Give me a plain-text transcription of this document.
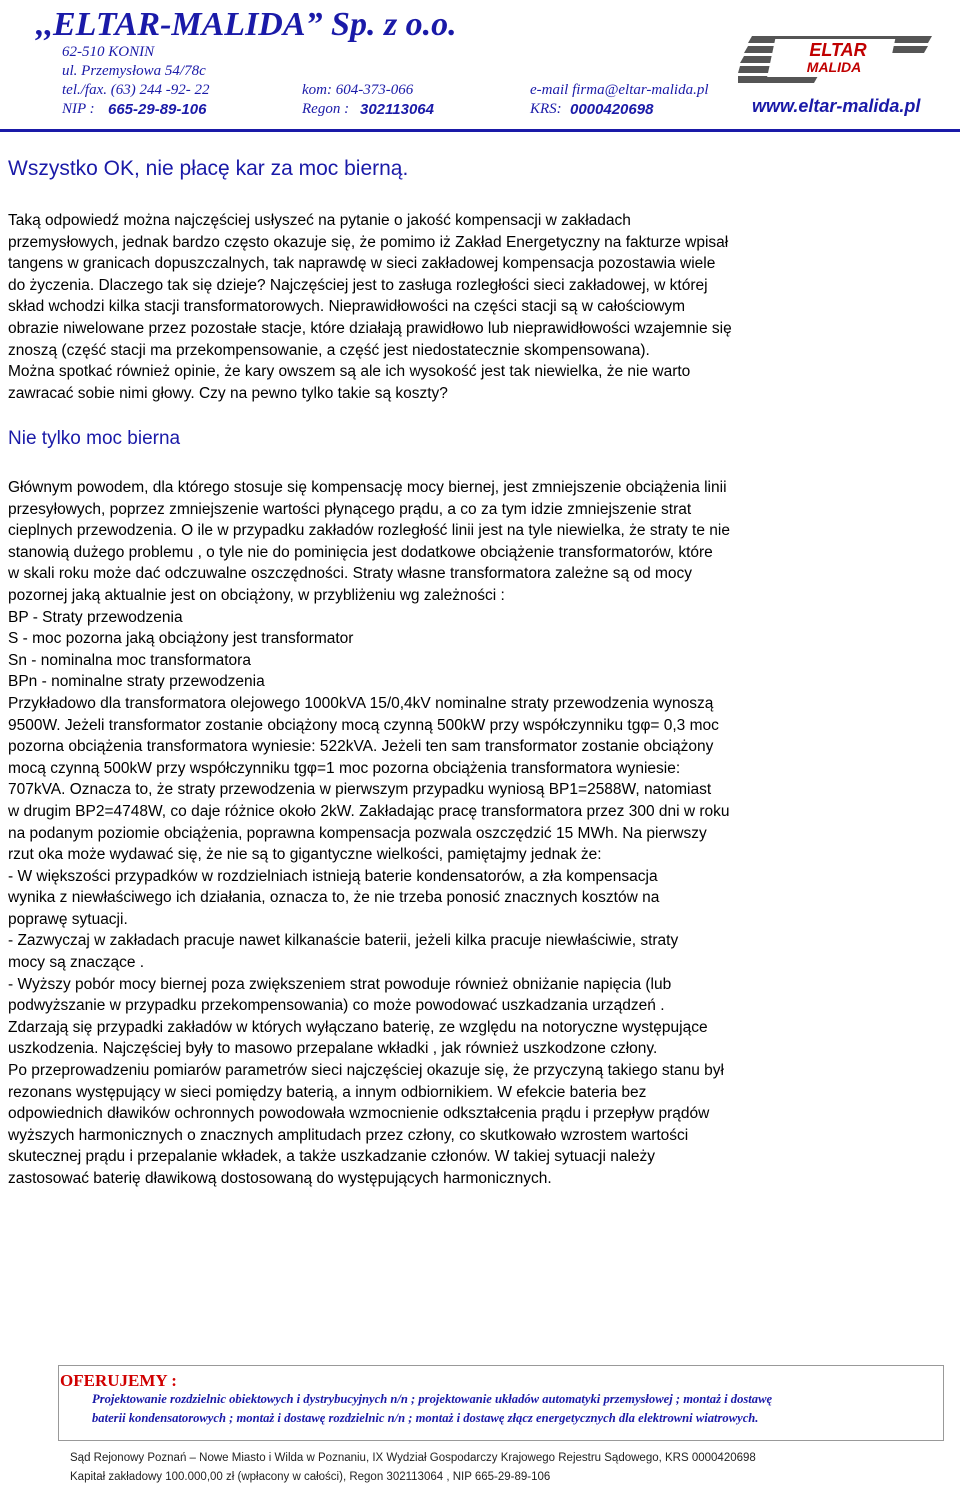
,,ELTAR-MALIDA” Sp. z o.o.
62-510 KONIN
ul. Przemysłowa 54/78c
tel./fax. (63) 244 -92- 22	kom: 604-373-066	e-mail firma@eltar-malida.pl
NIP : 665-29-89-106	Regon : 302113064	KRS: 0000420698
ELTAR
MALIDA
www.eltar-malida.pl
Wszystko OK, nie płacę kar za moc bierną.
Taką odpowiedź można najczęściej usłyszeć na pytanie o jakość kompensacji w zakładach
przemysłowych, jednak bardzo często okazuje się, że pomimo iż Zakład Energetyczny na fakturze wpisał
tangens w granicach dopuszczalnych, tak naprawdę w sieci zakładowej kompensacja pozostawia wiele
do życzenia. Dlaczego tak się dzieje? Najczęściej jest to zasługa rozległości sieci zakładowej, w której
skład wchodzi kilka stacji transformatorowych. Nieprawidłowości na części stacji są w całościowym
obrazie niwelowane przez pozostałe stacje, które działają prawidłowo lub nieprawidłowości wzajemnie się
znoszą (część stacji ma przekompensowanie, a część jest niedostatecznie skompensowana).
Można spotkać również opinie, że kary owszem są ale ich wysokość jest tak niewielka, że nie warto
zawracać sobie nimi głowy. Czy na pewno tylko takie są koszty?
Nie tylko moc bierna
Głównym powodem, dla którego stosuje się kompensację mocy biernej, jest zmniejszenie obciążenia linii
przesyłowych, poprzez zmniejszenie wartości płynącego prądu, a co za tym idzie zmniejszenie strat
cieplnych przewodzenia. O ile w przypadku zakładów rozległość linii jest na tyle niewielka, że straty te nie
stanowią dużego problemu , o tyle nie do pominięcia jest dodatkowe obciążenie transformatorów, które
w skali roku może dać odczuwalne oszczędności. Straty własne transformatora zależne są od mocy
pozornej jaką aktualnie jest on obciążony, w przybliżeniu wg zależności :
BP - Straty przewodzenia
S - moc pozorna jaką obciążony jest transformator
Sn - nominalna moc transformatora
BPn - nominalne straty przewodzenia
Przykładowo dla transformatora olejowego 1000kVA 15/0,4kV nominalne straty przewodzenia wynoszą
9500W. Jeżeli transformator zostanie obciążony mocą czynną 500kW przy współczynniku tgφ= 0,3 moc
pozorna obciążenia transformatora wyniesie: 522kVA. Jeżeli ten sam transformator zostanie obciążony
mocą czynną 500kW przy współczynniku tgφ=1 moc pozorna obciążenia transformatora wyniesie:
707kVA. Oznacza to, że straty przewodzenia w pierwszym przypadku wyniosą BP1=2588W, natomiast
w drugim BP2=4748W, co daje różnice około 2kW. Zakładając pracę transformatora przez 300 dni w roku
na podanym poziomie obciążenia, poprawna kompensacja pozwala oszczędzić 15 MWh. Na pierwszy
rzut oka może wydawać się, że nie są to gigantyczne wielkości, pamiętajmy jednak że:
- W większości przypadków w rozdzielniach istnieją baterie kondensatorów, a zła kompensacja
wynika z niewłaściwego ich działania, oznacza to, że nie trzeba ponosić znacznych kosztów na
poprawę sytuacji.
- Zazwyczaj w zakładach pracuje nawet kilkanaście baterii, jeżeli kilka pracuje niewłaściwie, straty
mocy są znaczące .
- Wyższy pobór mocy biernej poza zwiększeniem strat powoduje również obniżanie napięcia (lub
podwyższanie w przypadku przekompensowania) co może powodować uszkadzania urządzeń .
Zdarzają się przypadki zakładów w których wyłączano baterię, ze względu na notoryczne występujące
uszkodzenia. Najczęściej były to masowo przepalane wkładki , jak również uszkodzone człony.
Po przeprowadzeniu pomiarów parametrów sieci najczęściej okazuje się, że przyczyną takiego stanu był
rezonans występujący w sieci pomiędzy baterią, a innym odbiornikiem. W efekcie bateria bez
odpowiednich dławików ochronnych powodowała wzmocnienie odkształcenia prądu i przepływ prądów
wyższych harmonicznych o znacznych amplitudach przez człony, co skutkowało wzrostem wartości
skutecznej prądu i przepalanie wkładek, a także uszkadzanie członów. W takiej sytuacji należy
zastosować baterię dławikową dostosowaną do występujących harmonicznych.
OFERUJEMY :
Projektowanie rozdzielnic obiektowych i dystrybucyjnych n/n ; projektowanie układów automatyki przemysłowej ; montaż i dostawę
baterii kondensatorowych ; montaż i dostawę rozdzielnic n/n ; montaż i dostawę złącz energetycznych dla elektrowni wiatrowych.
Sąd Rejonowy Poznań – Nowe Miasto i Wilda w Poznaniu, IX Wydział Gospodarczy Krajowego Rejestru Sądowego, KRS 0000420698
Kapitał zakładowy 100.000,00 zł (wpłacony w całości), Regon 302113064 , NIP 665-29-89-106
